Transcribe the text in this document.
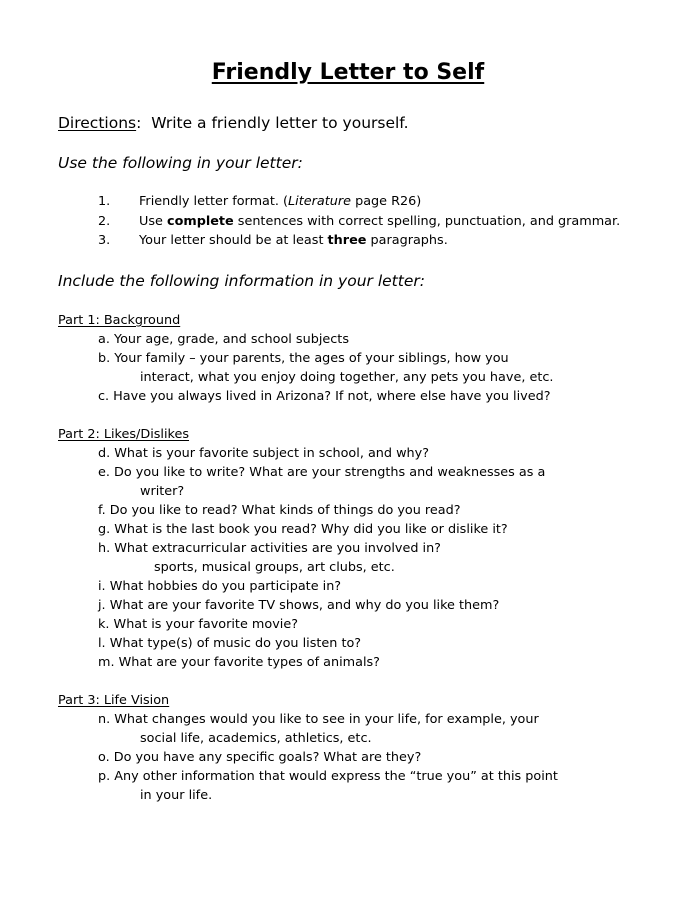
Friendly Letter to Self
Directions: Write a friendly letter to yourself.
Use the following in your letter:
1. Friendly letter format. (Literature page R26)
2. Use complete sentences with correct spelling, punctuation, and grammar.
3. Your letter should be at least three paragraphs.
Include the following information in your letter:
Part 1: Background
a. Your age, grade, and school subjects
b. Your family – your parents, the ages of your siblings, how you
interact, what you enjoy doing together, any pets you have, etc.
c. Have you always lived in Arizona? If not, where else have you lived?
Part 2: Likes/Dislikes
d. What is your favorite subject in school, and why?
e. Do you like to write? What are your strengths and weaknesses as a
writer?
f. Do you like to read? What kinds of things do you read?
g. What is the last book you read? Why did you like or dislike it?
h. What extracurricular activities are you involved in?
sports, musical groups, art clubs, etc.
i. What hobbies do you participate in?
j. What are your favorite TV shows, and why do you like them?
k. What is your favorite movie?
l. What type(s) of music do you listen to?
m. What are your favorite types of animals?
Part 3: Life Vision
n. What changes would you like to see in your life, for example, your
social life, academics, athletics, etc.
o. Do you have any specific goals? What are they?
p. Any other information that would express the “true you” at this point
in your life.
